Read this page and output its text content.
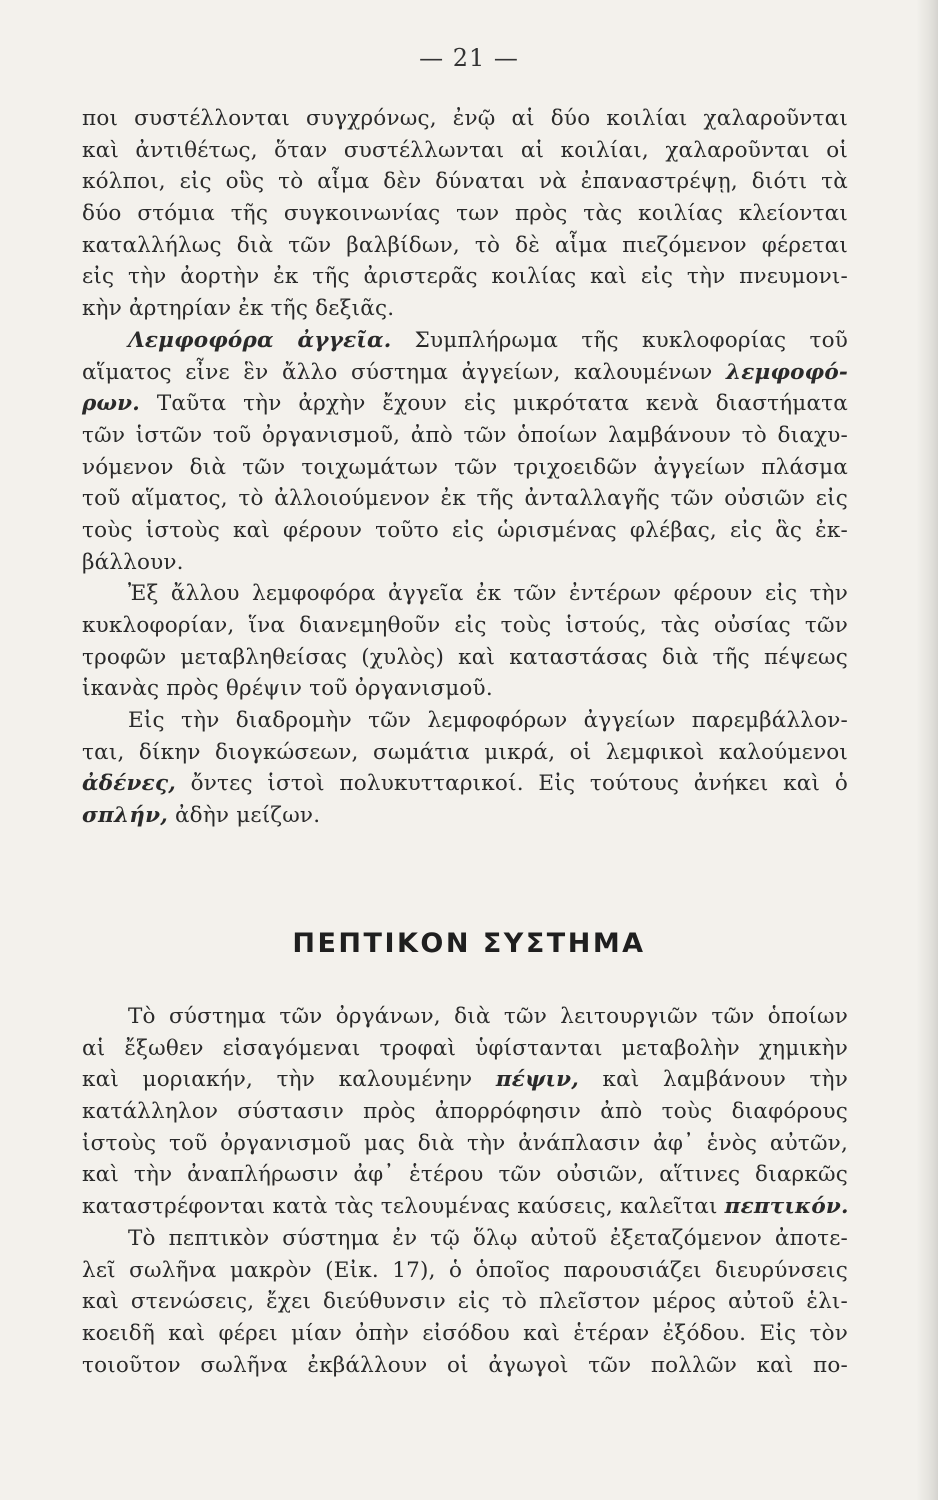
— 21 —
ποι συστέλλονται συγχρόνως, ἐνῷ αἱ δύο κοιλίαι χαλαροῦνται
καὶ ἀντιθέτως, ὅταν συστέλλωνται αἱ κοιλίαι, χαλαροῦνται οἱ
κόλποι, εἰς οὓς τὸ αἷμα δὲν δύναται νὰ ἐπαναστρέψῃ, διότι τὰ
δύο στόμια τῆς συγκοινωνίας των πρὸς τὰς κοιλίας κλείονται
καταλλήλως διὰ τῶν βαλβίδων, τὸ δὲ αἷμα πιεζόμενον φέρεται
εἰς τὴν ἀορτὴν ἐκ τῆς ἀριστερᾶς κοιλίας καὶ εἰς τὴν πνευμονι-
κὴν ἀρτηρίαν ἐκ τῆς δεξιᾶς.
Λεμφοφόρα ἀγγεῖα. Συμπλήρωμα τῆς κυκλοφορίας τοῦ
αἵματος εἶνε ἓν ἄλλο σύστημα ἀγγείων, καλουμένων λεμφοφό-
ρων. Ταῦτα τὴν ἀρχὴν ἔχουν εἰς μικρότατα κενὰ διαστήματα
τῶν ἱστῶν τοῦ ὀργανισμοῦ, ἀπὸ τῶν ὁποίων λαμβάνουν τὸ διαχυ-
νόμενον διὰ τῶν τοιχωμάτων τῶν τριχοειδῶν ἀγγείων πλάσμα
τοῦ αἵματος, τὸ ἀλλοιούμενον ἐκ τῆς ἀνταλλαγῆς τῶν οὐσιῶν εἰς
τοὺς ἱστοὺς καὶ φέρουν τοῦτο εἰς ὡρισμένας φλέβας, εἰς ἃς ἐκ-
βάλλουν.
Ἐξ ἄλλου λεμφοφόρα ἀγγεῖα ἐκ τῶν ἐντέρων φέρουν εἰς τὴν
κυκλοφορίαν, ἵνα διανεμηθοῦν εἰς τοὺς ἱστούς, τὰς οὐσίας τῶν
τροφῶν μεταβληθείσας (χυλὸς) καὶ καταστάσας διὰ τῆς πέψεως
ἱκανὰς πρὸς θρέψιν τοῦ ὀργανισμοῦ.
Εἰς τὴν διαδρομὴν τῶν λεμφοφόρων ἀγγείων παρεμβάλλον-
ται, δίκην διογκώσεων, σωμάτια μικρά, οἱ λεμφικοὶ καλούμενοι
ἀδένες, ὄντες ἱστοὶ πολυκυτταρικοί. Εἰς τούτους ἀνήκει καὶ ὁ
σπλήν, ἀδὴν μείζων.
ΠΕΠΤΙΚΟΝ ΣΥΣΤΗΜΑ
Τὸ σύστημα τῶν ὀργάνων, διὰ τῶν λειτουργιῶν τῶν ὁποίων
αἱ ἔξωθεν εἰσαγόμεναι τροφαὶ ὑφίστανται μεταβολὴν χημικὴν
καὶ μοριακήν, τὴν καλουμένην πέψιν, καὶ λαμβάνουν τὴν
κατάλληλον σύστασιν πρὸς ἀπορρόφησιν ἀπὸ τοὺς διαφόρους
ἱστοὺς τοῦ ὀργανισμοῦ μας διὰ τὴν ἀνάπλασιν ἀφ᾽ ἑνὸς αὐτῶν,
καὶ τὴν ἀναπλήρωσιν ἀφ᾽ ἑτέρου τῶν οὐσιῶν, αἵτινες διαρκῶς
καταστρέφονται κατὰ τὰς τελουμένας καύσεις, καλεῖται πεπτικόν.
Τὸ πεπτικὸν σύστημα ἐν τῷ ὅλῳ αὐτοῦ ἐξεταζόμενον ἀποτε-
λεῖ σωλῆνα μακρὸν (Εἰκ. 17), ὁ ὁποῖος παρουσιάζει διευρύνσεις
καὶ στενώσεις, ἔχει διεύθυνσιν εἰς τὸ πλεῖστον μέρος αὐτοῦ ἑλι-
κοειδῆ καὶ φέρει μίαν ὀπὴν εἰσόδου καὶ ἑτέραν ἐξόδου. Εἰς τὸν
τοιοῦτον σωλῆνα ἐκβάλλουν οἱ ἀγωγοὶ τῶν πολλῶν καὶ πο-
